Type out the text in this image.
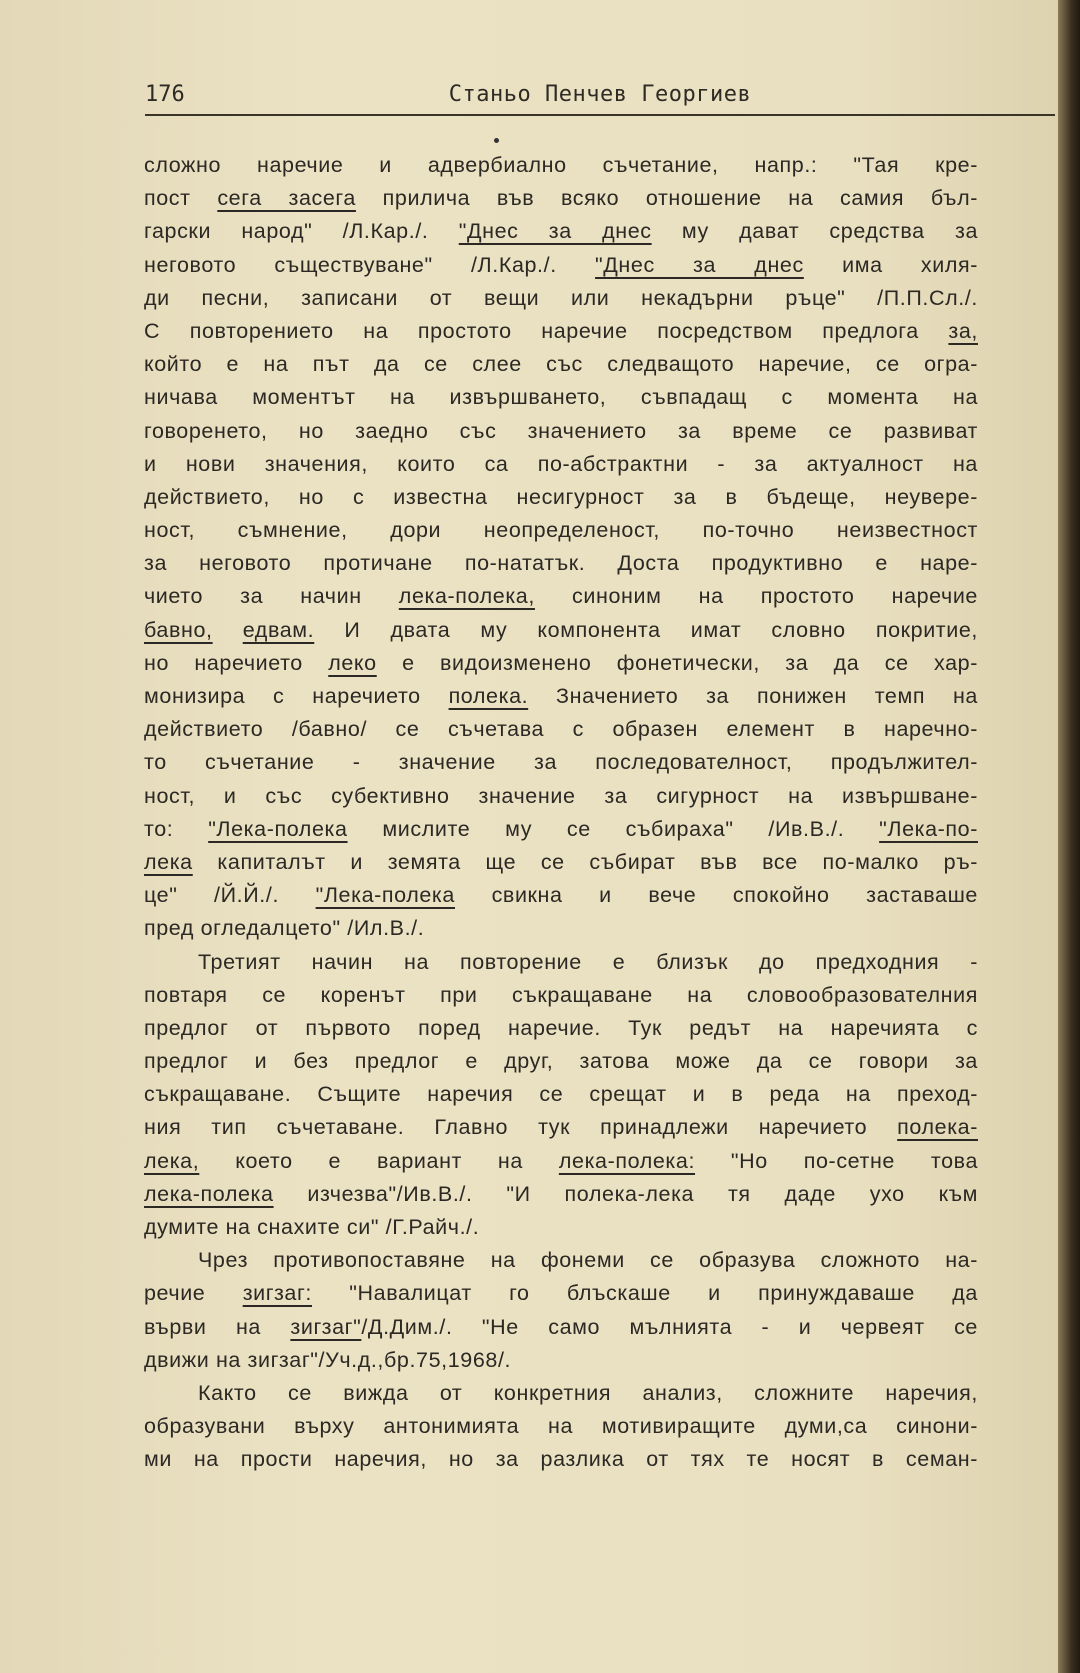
176	Станьо Пенчев Георгиев
сложно наречие и адвербиално съчетание, напр.: "Тая кре-
пост сега засега прилича във всяко отношение на самия бъл-
гарски народ" /Л.Кар./. "Днес за днес му дават средства за
неговото съществуване" /Л.Кар./. "Днес за днес има хиля-
ди песни, записани от вещи или некадърни ръце" /П.П.Сл./.
С повторението на простото наречие посредством предлога за,
който е на път да се слее със следващото наречие, се огра-
ничава моментът на извършването, съвпадащ с момента на
говоренето, но заедно със значението за време се развиват
и нови значения, които са по-абстрактни - за актуалност на
действието, но с известна несигурност за в бъдеще, неувере-
ност, съмнение, дори неопределеност, по-точно неизвестност
за неговото протичане по-нататък. Доста продуктивно е наре-
чието за начин лека-полека, синоним на простото наречие
бавно, едвам. И двата му компонента имат словно покритие,
но наречието леко е видоизменено фонетически, за да се хар-
монизира с наречието полека. Значението за понижен темп на
действието /бавно/ се съчетава с образен елемент в наречно-
то съчетание - значение за последователност, продължител-
ност, и със субективно значение за сигурност на извършване-
то: "Лека-полека мислите му се събираха" /Ив.В./. "Лека-по-
лека капиталът и земята ще се събират във все по-малко ръ-
це" /Й.Й./. "Лека-полека свикна и вече спокойно заставаше
пред огледалцето" /Ил.В./.
Третият начин на повторение е близък до предходния -
повтаря се коренът при съкращаване на словообразователния
предлог от първото поред наречие. Тук редът на наречията с
предлог и без предлог е друг, затова може да се говори за
съкращаване. Същите наречия се срещат и в реда на преход-
ния тип съчетаване. Главно тук принадлежи наречието полека-
лека, което е вариант на лека-полека: "Но по-сетне това
лека-полека изчезва"/Ив.В./. "И полека-лека тя даде ухо към
думите на снахите си" /Г.Райч./.
Чрез противопоставяне на фонеми се образува сложното на-
речие зигзаг: "Навалицат го блъскаше и принуждаваше да
върви на зигзаг"/Д.Дим./. "Не само мълнията - и червеят се
движи на зигзаг"/Уч.д.,бр.75,1968/.
Както се вижда от конкретния анализ, сложните наречия,
образувани върху антонимията на мотивиращите думи,са синони-
ми на прости наречия, но за разлика от тях те носят в семан-
